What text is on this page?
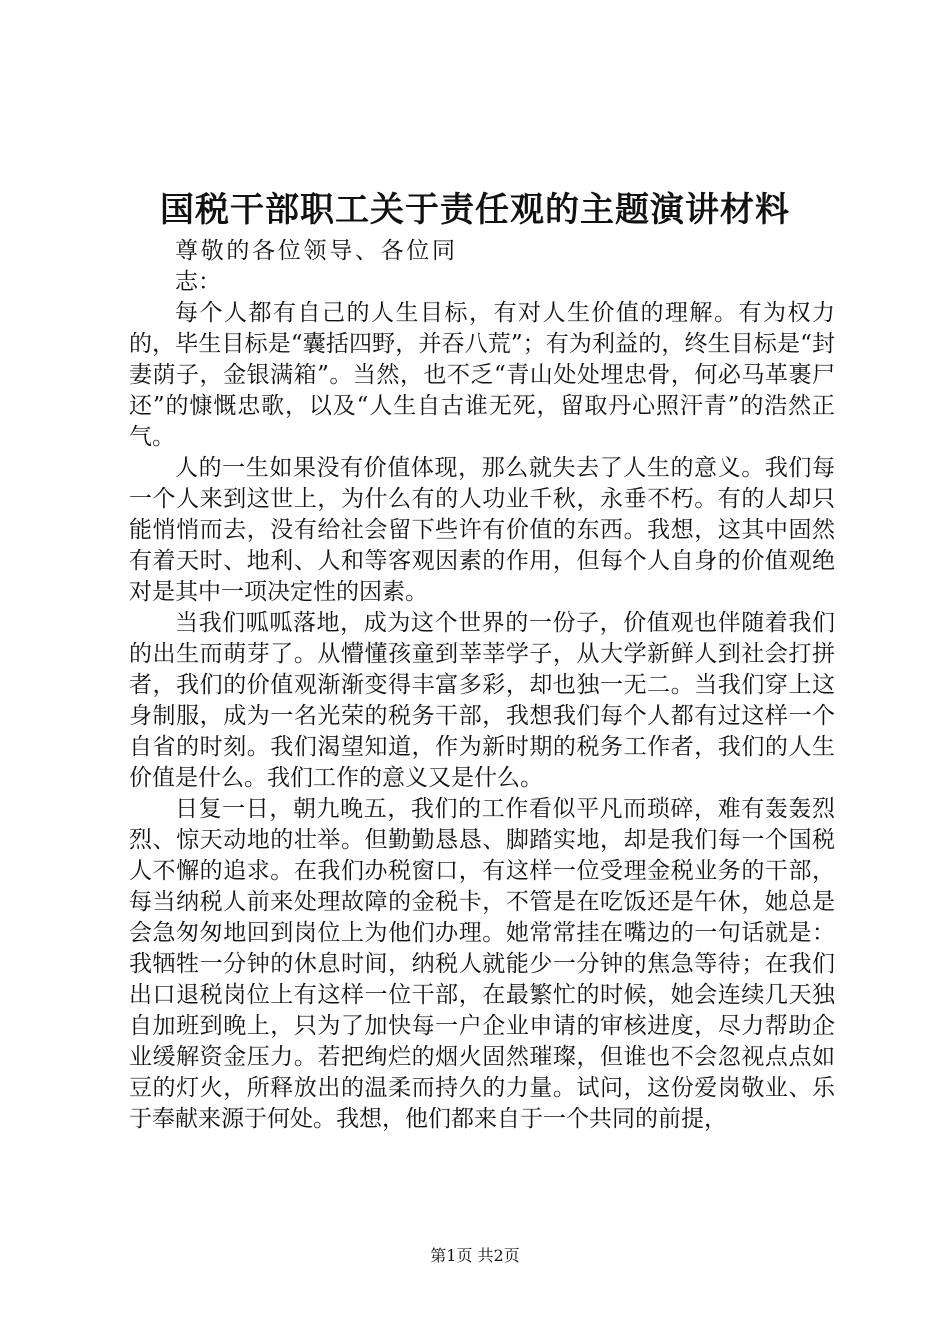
国税干部职工关于责任观的主题演讲材料

尊敬的各位领导、各位同志：

每个人都有自己的人生目标，有对人生价值的理解。有为权力的，毕生目标是“囊括四野，并吞八荒”；有为利益的，终生目标是“封妻荫子，金银满箱”。当然，也不乏“青山处处埋忠骨，何必马革裹尸还”的慷慨忠歌，以及“人生自古谁无死，留取丹心照汗青”的浩然正气。

人的一生如果没有价值体现，那么就失去了人生的意义。我们每一个人来到这世上，为什么有的人功业千秋，永垂不朽。有的人却只能悄悄而去，没有给社会留下些许有价值的东西。我想，这其中固然有着天时、地利、人和等客观因素的作用，但每个人自身的价值观绝对是其中一项决定性的因素。

当我们呱呱落地，成为这个世界的一份子，价值观也伴随着我们的出生而萌芽了。从懵懂孩童到莘莘学子，从大学新鲜人到社会打拼者，我们的价值观渐渐变得丰富多彩，却也独一无二。当我们穿上这身制服，成为一名光荣的税务干部，我想我们每个人都有过这样一个自省的时刻。我们渴望知道，作为新时期的税务工作者，我们的人生价值是什么。我们工作的意义又是什么。

日复一日，朝九晚五，我们的工作看似平凡而琐碎，难有轰轰烈烈、惊天动地的壮举。但勤勤恳恳、脚踏实地，却是我们每一个国税人不懈的追求。在我们办税窗口，有这样一位受理金税业务的干部，每当纳税人前来处理故障的金税卡，不管是在吃饭还是午休，她总是会急匆匆地回到岗位上为他们办理。她常常挂在嘴边的一句话就是：我牺牲一分钟的休息时间，纳税人就能少一分钟的焦急等待；在我们出口退税岗位上有这样一位干部，在最繁忙的时候，她会连续几天独自加班到晚上，只为了加快每一户企业申请的审核进度，尽力帮助企业缓解资金压力。若把绚烂的烟火固然璀璨，但谁也不会忽视点点如豆的灯火，所释放出的温柔而持久的力量。试问，这份爱岗敬业、乐于奉献来源于何处。我想，他们都来自于一个共同的前提，

第1页 共2页
